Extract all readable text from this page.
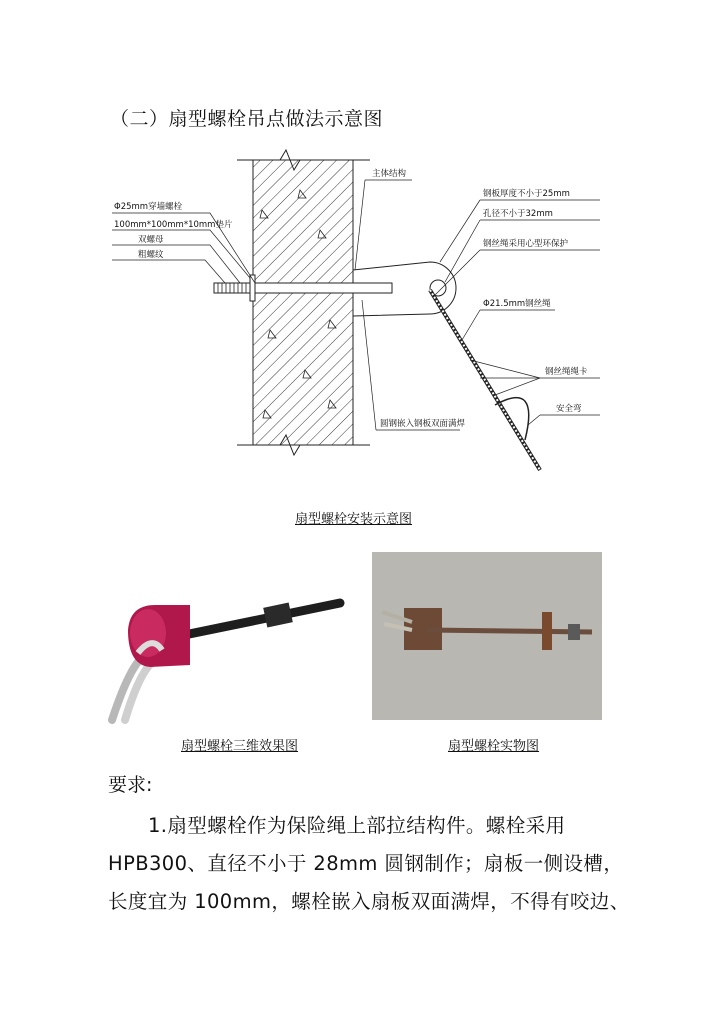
（二）扇型螺栓吊点做法示意图
主体结构
Φ25mm穿墙螺栓
100mm*100mm*10mm垫片
双螺母
粗螺纹
钢板厚度不小于25mm
孔径不小于32mm
钢丝绳采用心型环保护
Φ21.5mm钢丝绳
钢丝绳绳卡
安全弯
圆钢嵌入钢板双面满焊
扇型螺栓安装示意图
扇型螺栓三维效果图	扇型螺栓实物图
要求:
1.扇型螺栓作为保险绳上部拉结构件。螺栓采用
HPB300、直径不小于 28mm 圆钢制作；扇板一侧设槽，
长度宜为 100mm，螺栓嵌入扇板双面满焊，不得有咬边、
